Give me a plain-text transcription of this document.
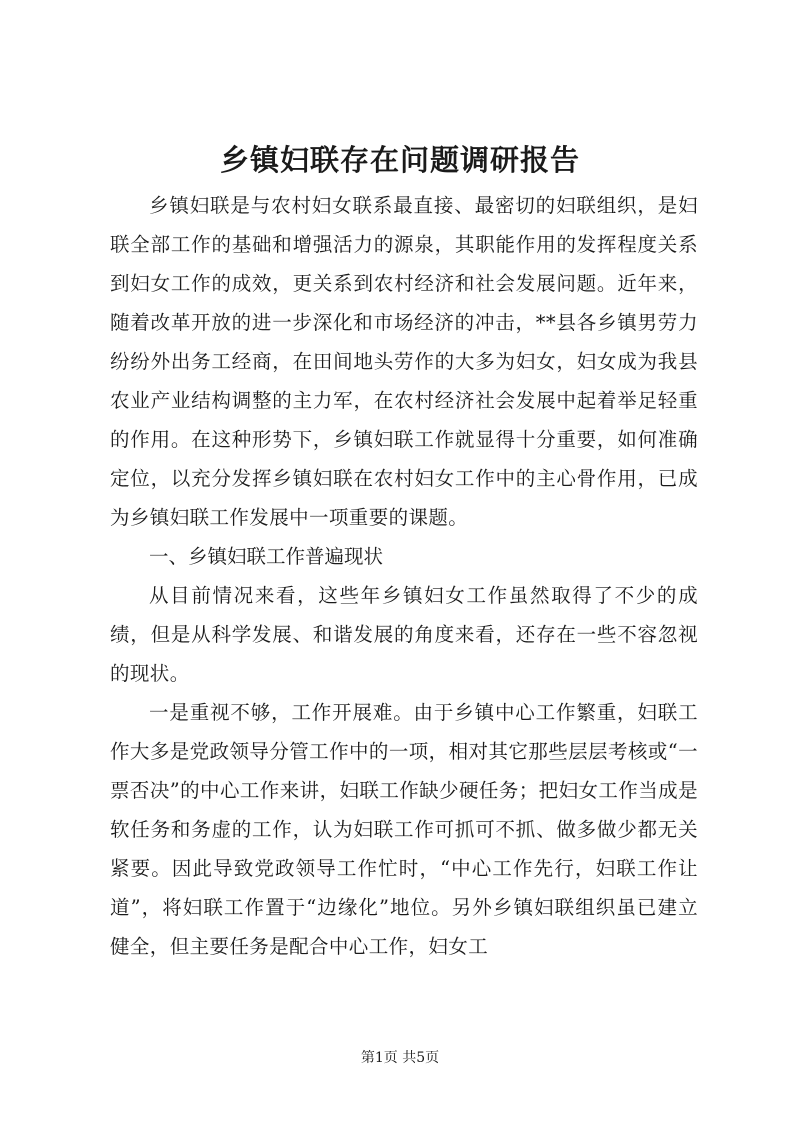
乡镇妇联存在问题调研报告

乡镇妇联是与农村妇女联系最直接、最密切的妇联组织，是妇联全部工作的基础和增强活力的源泉，其职能作用的发挥程度关系到妇女工作的成效，更关系到农村经济和社会发展问题。近年来，随着改革开放的进一步深化和市场经济的冲击，**县各乡镇男劳力纷纷外出务工经商，在田间地头劳作的大多为妇女，妇女成为我县农业产业结构调整的主力军，在农村经济社会发展中起着举足轻重的作用。在这种形势下，乡镇妇联工作就显得十分重要，如何准确定位，以充分发挥乡镇妇联在农村妇女工作中的主心骨作用，已成为乡镇妇联工作发展中一项重要的课题。

一、乡镇妇联工作普遍现状

从目前情况来看，这些年乡镇妇女工作虽然取得了不少的成绩，但是从科学发展、和谐发展的角度来看，还存在一些不容忽视的现状。

一是重视不够，工作开展难。由于乡镇中心工作繁重，妇联工作大多是党政领导分管工作中的一项，相对其它那些层层考核或“一票否决”的中心工作来讲，妇联工作缺少硬任务；把妇女工作当成是软任务和务虚的工作，认为妇联工作可抓可不抓、做多做少都无关紧要。因此导致党政领导工作忙时，“中心工作先行，妇联工作让道”，将妇联工作置于“边缘化”地位。另外乡镇妇联组织虽已建立健全，但主要任务是配合中心工作，妇女工

第1页 共5页
